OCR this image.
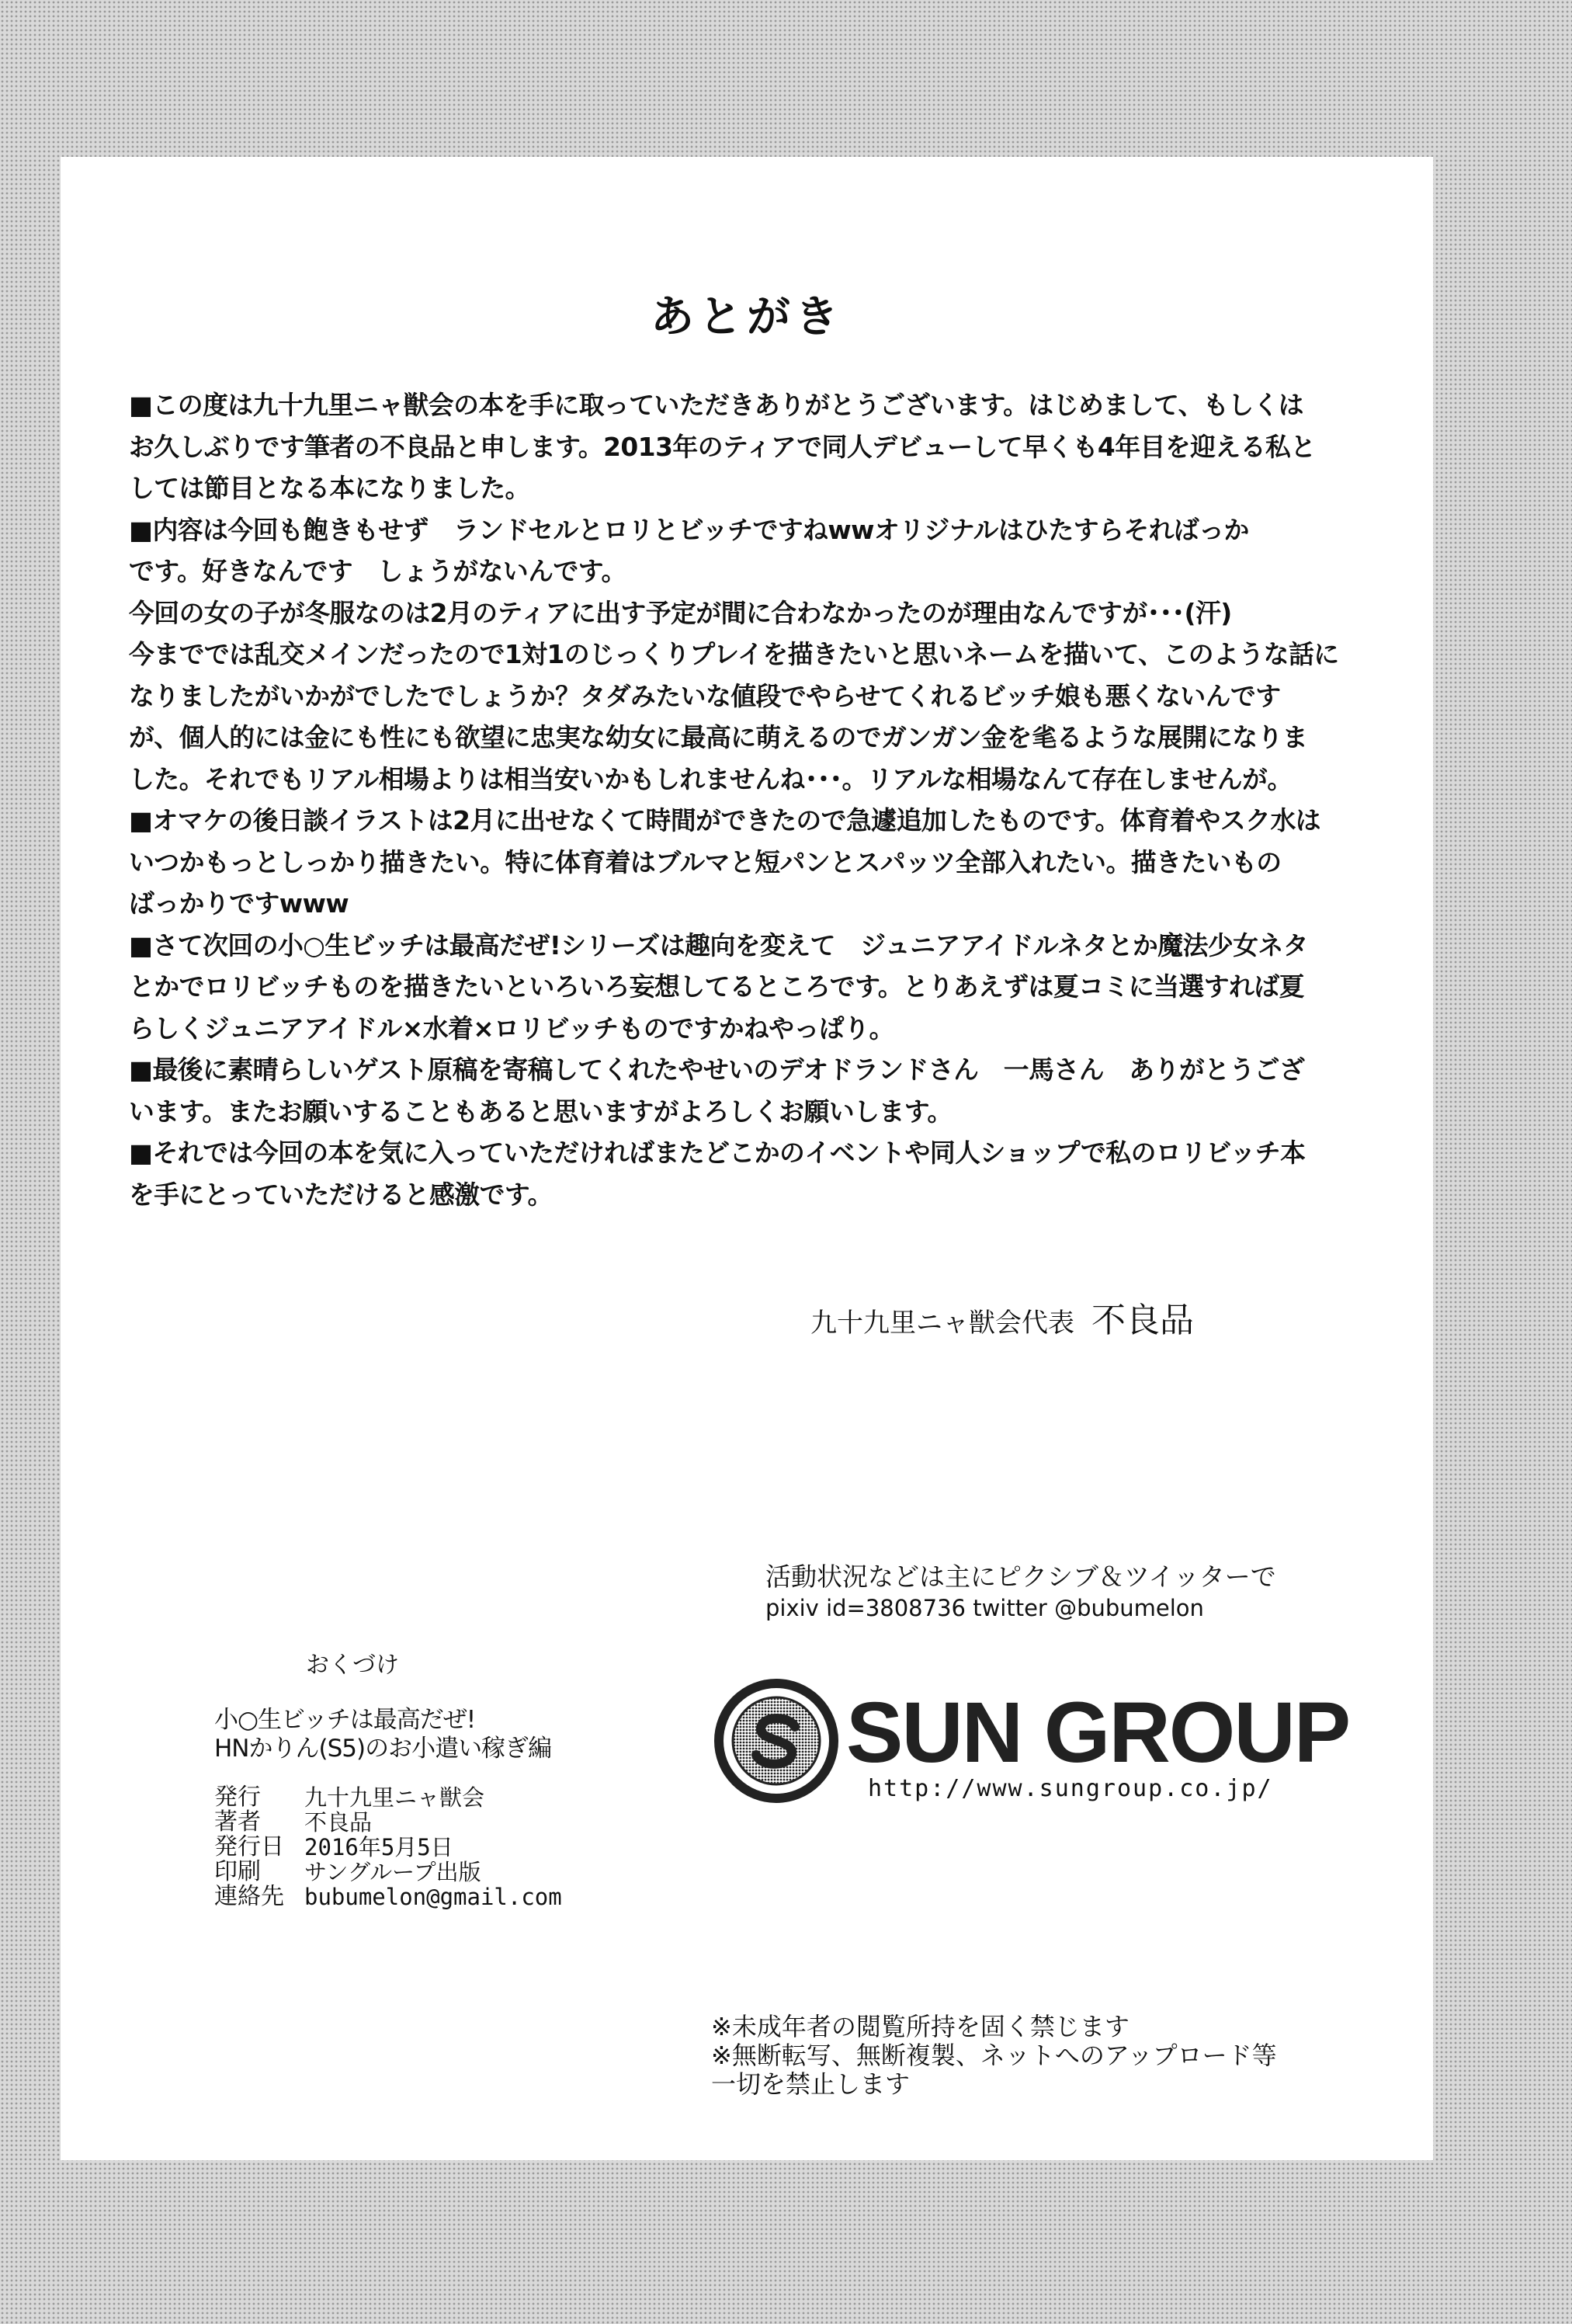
あとがき
■この度は九十九里ニャ獣会の本を手に取っていただきありがとうございます。はじめまして、もしくは
お久しぶりです筆者の不良品と申します。2013年のティアで同人デビューして早くも4年目を迎える私と
しては節目となる本になりました。
■内容は今回も飽きもせず　ランドセルとロリとビッチですねwwオリジナルはひたすらそればっか
です。好きなんです　しょうがないんです。
今回の女の子が冬服なのは2月のティアに出す予定が間に合わなかったのが理由なんですが･･･(汗)
今まででは乱交メインだったので1対1のじっくりプレイを描きたいと思いネームを描いて、このような話に
なりましたがいかがでしたでしょうか？タダみたいな値段でやらせてくれるビッチ娘も悪くないんです
が、個人的には金にも性にも欲望に忠実な幼女に最高に萌えるのでガンガン金を毟るような展開になりま
した。それでもリアル相場よりは相当安いかもしれませんね･･･。リアルな相場なんて存在しませんが。
■オマケの後日談イラストは2月に出せなくて時間ができたので急遽追加したものです。体育着やスク水は
いつかもっとしっかり描きたい。特に体育着はブルマと短パンとスパッツ全部入れたい。描きたいもの
ばっかりですwww
■さて次回の小○生ビッチは最高だぜ!シリーズは趣向を変えて　ジュニアアイドルネタとか魔法少女ネタ
とかでロリビッチものを描きたいといろいろ妄想してるところです。とりあえずは夏コミに当選すれば夏
らしくジュニアアイドル×水着×ロリビッチものですかねやっぱり。
■最後に素晴らしいゲスト原稿を寄稿してくれたやせいのデオドランドさん　一馬さん　ありがとうござ
います。またお願いすることもあると思いますがよろしくお願いします。
■それでは今回の本を気に入っていただければまたどこかのイベントや同人ショップで私のロリビッチ本
を手にとっていただけると感激です。
九十九里ニャ獣会代表 不良品
活動状況などは主にピクシブ＆ツイッターで
pixiv id=3808736 twitter @bubumelon
おくづけ
小○生ビッチは最高だぜ!
HNかりん(S5)のお小遣い稼ぎ編
発行	九十九里ニャ獣会
著者	不良品
発行日 2016年5月5日
印刷	サングループ出版
連絡先 bubumelon@gmail.com
SUN GROUP
http://www.sungroup.co.jp/
※未成年者の閲覧所持を固く禁じます
※無断転写、無断複製、ネットへのアップロード等
一切を禁止します
